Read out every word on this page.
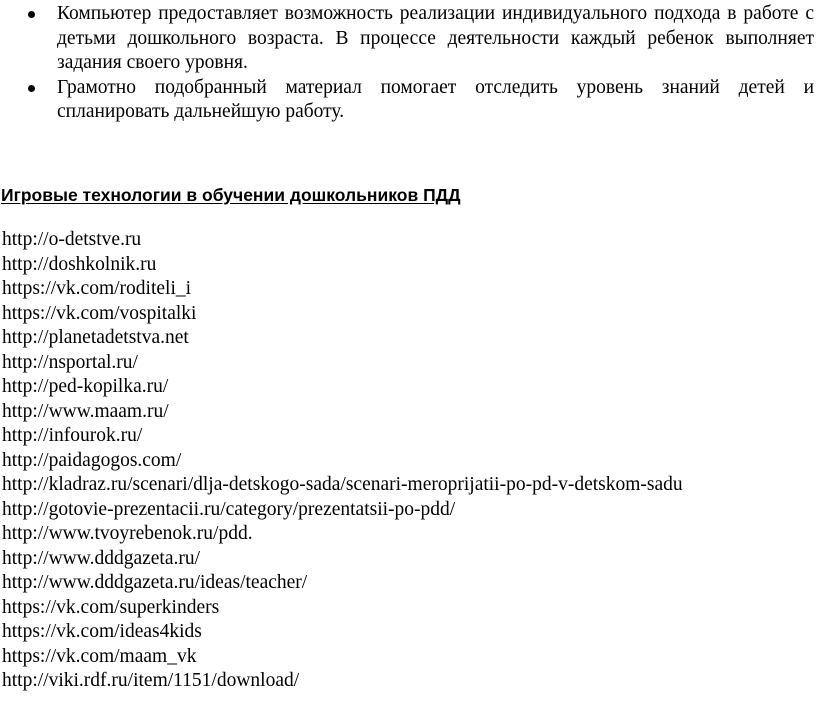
Компьютер предоставляет возможность реализации индивидуального подхода в работе с детьми дошкольного возраста. В процессе деятельности каждый ребенок выполняет задания своего уровня.
Грамотно подобранный материал помогает отследить уровень знаний детей и спланировать дальнейшую работу.
Игровые технологии в обучении дошкольников ПДД
http://o-detstve.ru
http://doshkolnik.ru
https://vk.com/roditeli_i
https://vk.com/vospitalki
http://planetadetstva.net
http://nsportal.ru/
http://ped-kopilka.ru/
http://www.maam.ru/
http://infourok.ru/
http://paidagogos.com/
http://kladraz.ru/scenari/dlja-detskogo-sada/scenari-meroprijatii-po-pd-v-detskom-sadu
http://gotovie-prezentacii.ru/category/prezentatsii-po-pdd/
http://www.tvoyrebenok.ru/pdd.
http://www.dddgazeta.ru/
http://www.dddgazeta.ru/ideas/teacher/
https://vk.com/superkinders
https://vk.com/ideas4kids
https://vk.com/maam_vk
http://viki.rdf.ru/item/1151/download/
